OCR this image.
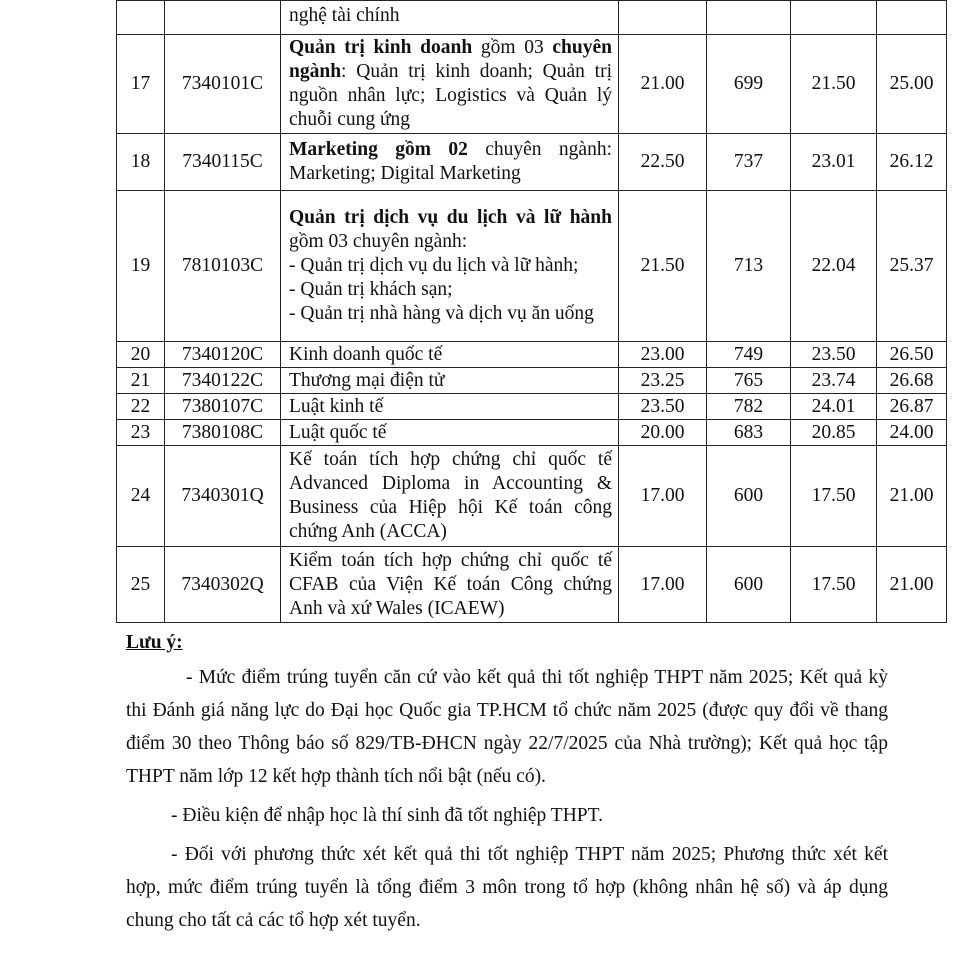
		nghệ tài chính				
17	7340101C	Quản trị kinh doanh gồm 03 chuyên ngành: Quản trị kinh doanh; Quản trị nguồn nhân lực; Logistics và Quản lý chuỗi cung ứng	21.00	699	21.50	25.00
18	7340115C	Marketing gồm 02 chuyên ngành: Marketing; Digital Marketing	22.50	737	23.01	26.12
19	7810103C	Quản trị dịch vụ du lịch và lữ hành gồm 03 chuyên ngành:
- Quản trị dịch vụ du lịch và lữ hành;
- Quản trị khách sạn;
- Quản trị nhà hàng và dịch vụ ăn uống	21.50	713	22.04	25.37
20	7340120C	Kinh doanh quốc tế	23.00	749	23.50	26.50
21	7340122C	Thương mại điện tử	23.25	765	23.74	26.68
22	7380107C	Luật kinh tế	23.50	782	24.01	26.87
23	7380108C	Luật quốc tế	20.00	683	20.85	24.00
24	7340301Q	Kế toán tích hợp chứng chỉ quốc tế Advanced Diploma in Accounting & Business của Hiệp hội Kế toán công chứng Anh (ACCA)	17.00	600	17.50	21.00
25	7340302Q	Kiểm toán tích hợp chứng chỉ quốc tế CFAB của Viện Kế toán Công chứng Anh và xứ Wales (ICAEW)	17.00	600	17.50	21.00

Lưu ý:

- Mức điểm trúng tuyển căn cứ vào kết quả thi tốt nghiệp THPT năm 2025; Kết quả kỳ thi Đánh giá năng lực do Đại học Quốc gia TP.HCM tổ chức năm 2025 (được quy đổi về thang điểm 30 theo Thông báo số 829/TB-ĐHCN ngày 22/7/2025 của Nhà trường); Kết quả học tập THPT năm lớp 12 kết hợp thành tích nổi bật (nếu có).

- Điều kiện để nhập học là thí sinh đã tốt nghiệp THPT.

- Đối với phương thức xét kết quả thi tốt nghiệp THPT năm 2025; Phương thức xét kết hợp, mức điểm trúng tuyển là tổng điểm 3 môn trong tổ hợp (không nhân hệ số) và áp dụng chung cho tất cả các tổ hợp xét tuyển.
